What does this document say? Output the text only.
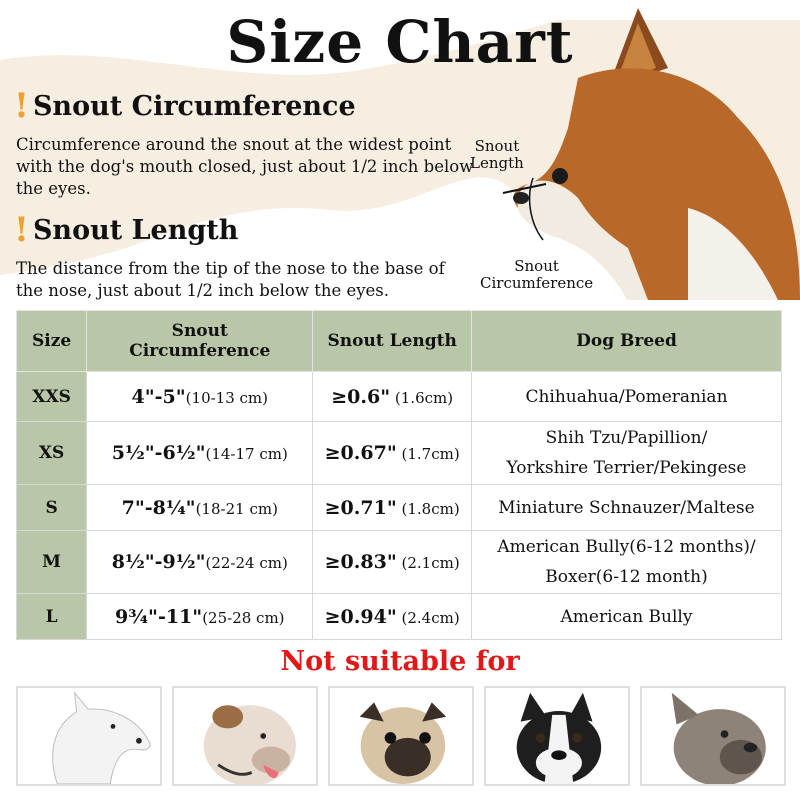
Size Chart
! Snout Circumference
Circumference around the snout at the widest point with the dog's mouth closed, just about 1/2 inch below the eyes.
! Snout Length
The distance from the tip of the nose to the base of the nose, just about 1/2 inch below the eyes.
Snout
Length
Snout
Circumference
Size	Snout Circumference	Snout Length	Dog Breed
XXS	4"-5"(10-13 cm)	≥0.6" (1.6cm)	Chihuahua/Pomeranian

XS	5½"-6½"(14-17 cm)	≥0.67" (1.7cm)	Shih Tzu/Papillion/
Yorkshire Terrier/Pekingese

S	7"-8¼"(18-21 cm)	≥0.71" (1.8cm)	Miniature Schnauzer/Maltese

M	8½"-9½"(22-24 cm)	≥0.83" (2.1cm)	American Bully(6-12 months)/
Boxer(6-12 month)

L	9¾"-11"(25-28 cm)	≥0.94" (2.4cm)	American Bully
Not suitable for
